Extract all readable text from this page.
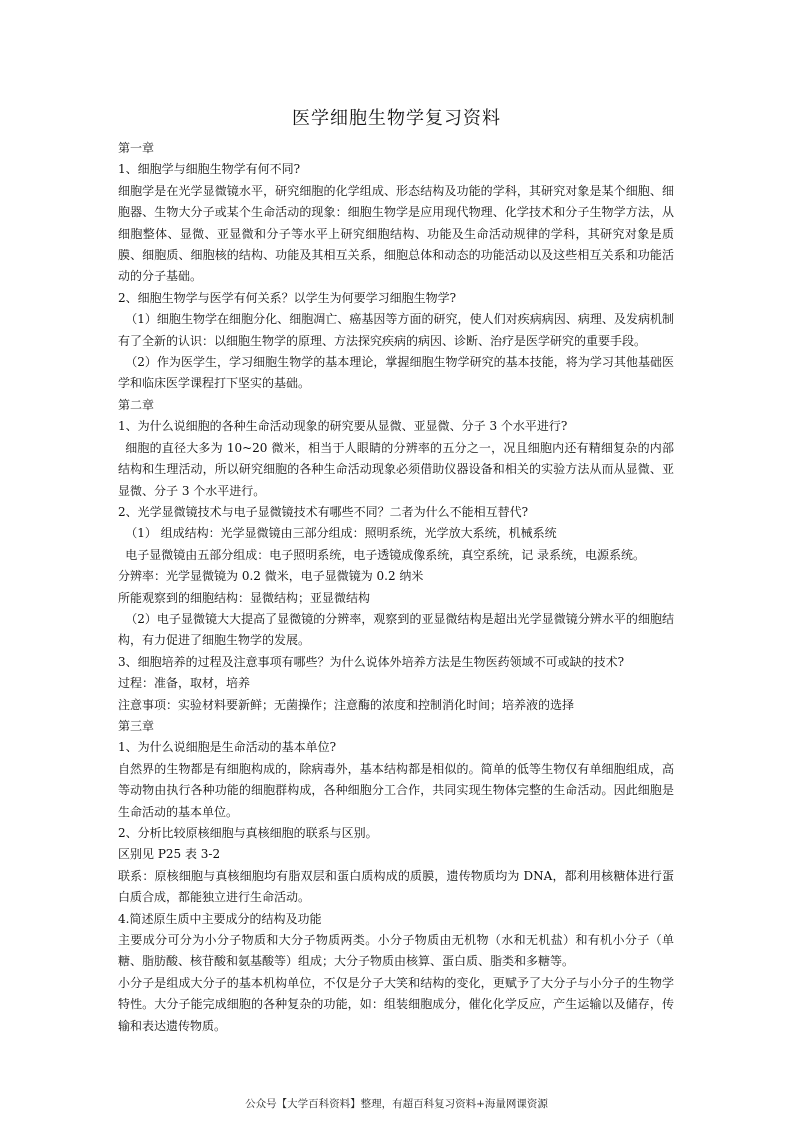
医学细胞生物学复习资料

第一章

1、细胞学与细胞生物学有何不同?

细胞学是在光学显微镜水平，研究细胞的化学组成、形态结构及功能的学科，其研究对象是某个细胞、细胞器、生物大分子或某个生命活动的现象：细胞生物学是应用现代物理、化学技术和分子生物学方法，从细胞整体、显微、亚显微和分子等水平上研究细胞结构、功能及生命活动规律的学科，其研究对象是质膜、细胞质、细胞核的结构、功能及其相互关系，细胞总体和动态的功能活动以及这些相互关系和功能活动的分子基础。

2、细胞生物学与医学有何关系？以学生为何要学习细胞生物学?

（1）细胞生物学在细胞分化、细胞凋亡、癌基因等方面的研究，使人们对疾病病因、病理、及发病机制有了全新的认识：以细胞生物学的原理、方法探究疾病的病因、诊断、治疗是医学研究的重要手段。

（2）作为医学生，学习细胞生物学的基本理论，掌握细胞生物学研究的基本技能，将为学习其他基础医学和临床医学课程打下坚实的基础。

第二章

1、为什么说细胞的各种生命活动现象的研究要从显微、亚显微、分子 3 个水平进行?

细胞的直径大多为 10~20 微米，相当于人眼睛的分辨率的五分之一，况且细胞内还有精细复杂的内部结构和生理活动，所以研究细胞的各种生命活动现象必须借助仪器设备和相关的实验方法从而从显微、亚显微、分子 3 个水平进行。

2、光学显微镜技术与电子显微镜技术有哪些不同？二者为什么不能相互替代?

（1） 组成结构：光学显微镜由三部分组成：照明系统，光学放大系统，机械系统

电子显微镜由五部分组成：电子照明系统，电子透镜成像系统，真空系统，记 录系统，电源系统。

分辨率：光学显微镜为 0.2 微米，电子显微镜为 0.2 纳米

所能观察到的细胞结构：显微结构；亚显微结构

（2）电子显微镜大大提高了显微镜的分辨率，观察到的亚显微结构是超出光学显微镜分辨水平的细胞结构，有力促进了细胞生物学的发展。

3、细胞培养的过程及注意事项有哪些？为什么说体外培养方法是生物医药领域不可或缺的技术?

过程：准备，取材，培养

注意事项：实验材料要新鲜；无菌操作；注意酶的浓度和控制消化时间；培养液的选择

第三章

1、为什么说细胞是生命活动的基本单位?

自然界的生物都是有细胞构成的，除病毒外，基本结构都是相似的。简单的低等生物仅有单细胞组成，高等动物由执行各种功能的细胞群构成，各种细胞分工合作，共同实现生物体完整的生命活动。因此细胞是生命活动的基本单位。

2、分析比较原核细胞与真核细胞的联系与区别。

区别见 P25 表 3-2

联系：原核细胞与真核细胞均有脂双层和蛋白质构成的质膜，遗传物质均为 DNA，都利用核糖体进行蛋白质合成，都能独立进行生命活动。

4.简述原生质中主要成分的结构及功能

主要成分可分为小分子物质和大分子物质两类。小分子物质由无机物（水和无机盐）和有机小分子（单糖、脂肪酸、核苷酸和氨基酸等）组成；大分子物质由核算、蛋白质、脂类和多糖等。

小分子是组成大分子的基本机构单位，不仅是分子大笑和结构的变化，更赋予了大分子与小分子的生物学特性。大分子能完成细胞的各种复杂的功能，如：组装细胞成分，催化化学反应，产生运输以及储存，传输和表达遗传物质。

公众号【大学百科资料】整理，有超百科复习资料+海量网课资源
